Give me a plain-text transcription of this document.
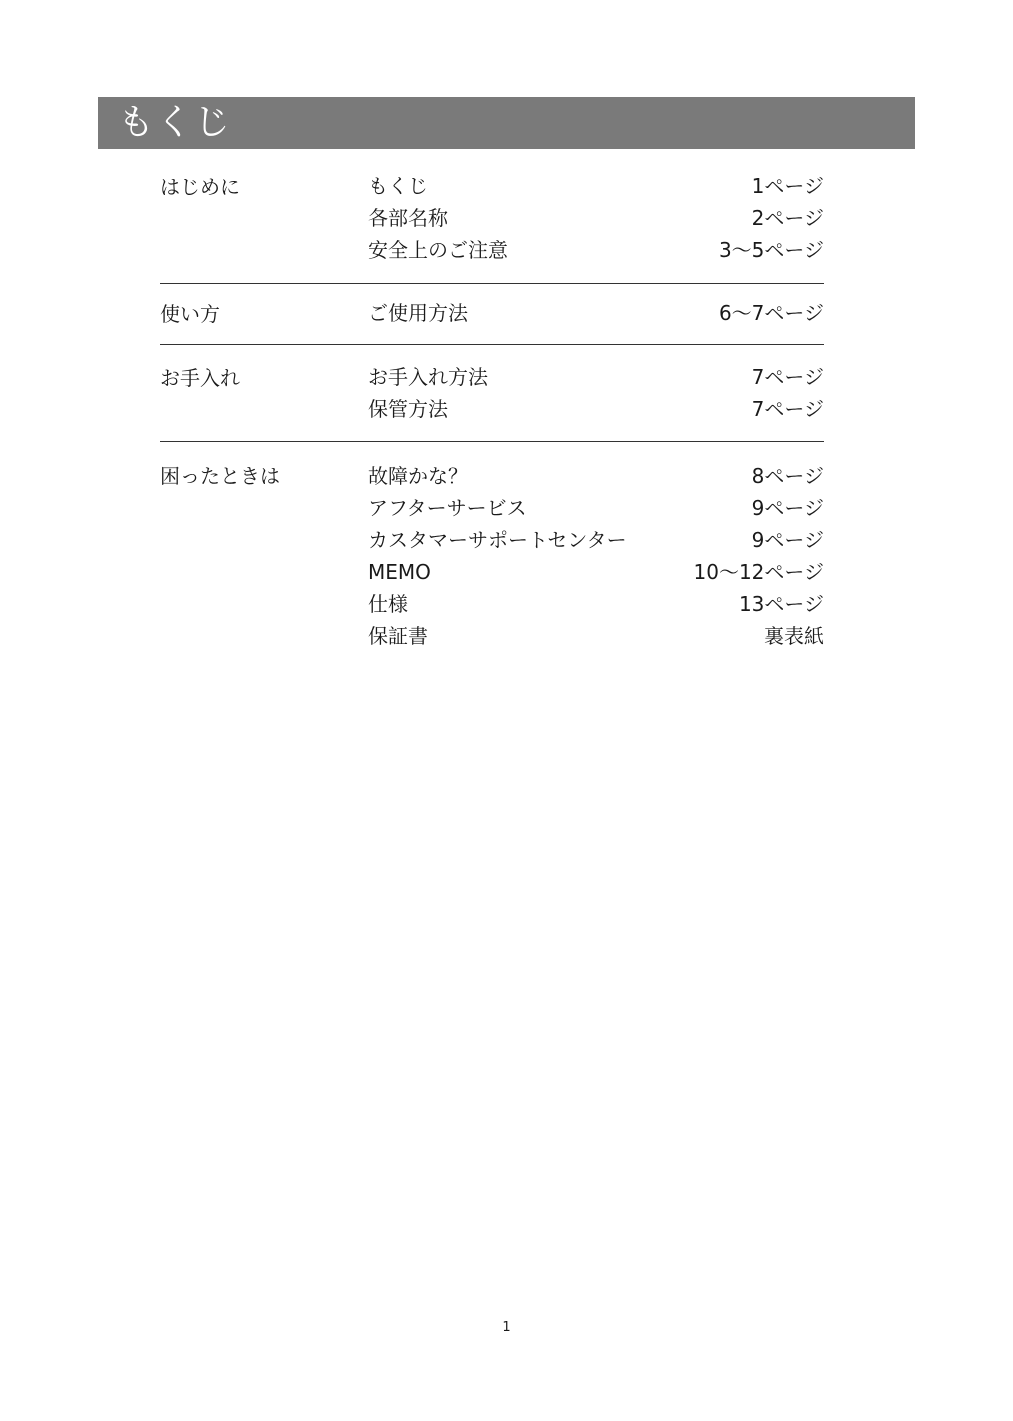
もくじ
はじめに	もくじ	1ページ
各部名称	2ページ
安全上のご注意	3〜5ページ
使い方	ご使用方法	6〜7ページ
お手入れ	お手入れ方法	7ページ
保管方法	7ページ
困ったときは	故障かな？	8ページ
アフターサービス	9ページ
カスタマーサポートセンター	9ページ
MEMO	10〜12ページ
仕様	13ページ
保証書	裏表紙
1
